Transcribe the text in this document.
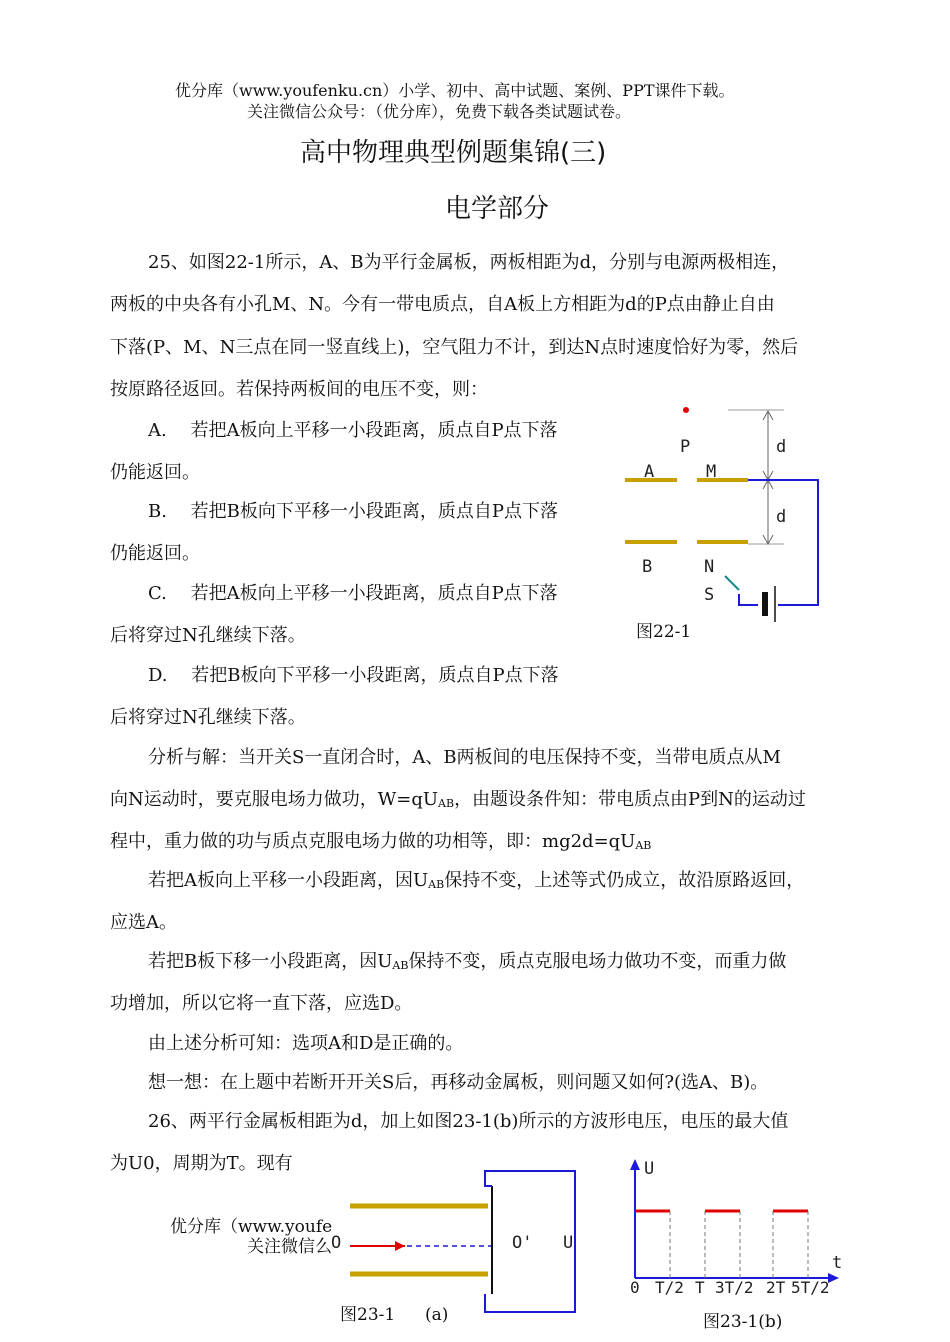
优分库（www.youfenku.cn）小学、初中、高中试题、案例、PPT课件下载。
关注微信公众号：（优分库），免费下载各类试题试卷。
高中物理典型例题集锦(三)
电学部分
25、如图22-1所示，A、B为平行金属板，两板相距为d，分别与电源两极相连，
两板的中央各有小孔M、N。今有一带电质点，自A板上方相距为d的P点由静止自由
下落(P、M、N三点在同一竖直线上)，空气阻力不计，到达N点时速度恰好为零，然后
按原路径返回。若保持两板间的电压不变，则：
A.　 若把A板向上平移一小段距离，质点自P点下落
仍能返回。
B.　 若把B板向下平移一小段距离，质点自P点下落
仍能返回。
C.　 若把A板向上平移一小段距离，质点自P点下落
后将穿过N孔继续下落。
D.　 若把B板向下平移一小段距离，质点自P点下落
后将穿过N孔继续下落。
分析与解：当开关S一直闭合时，A、B两板间的电压保持不变，当带电质点从M
向N运动时，要克服电场力做功，W=qUAB，由题设条件知：带电质点由P到N的运动过
程中，重力做的功与质点克服电场力做的功相等，即：mg2d=qUAB
若把A板向上平移一小段距离，因UAB保持不变，上述等式仍成立，故沿原路返回，
应选A。
若把B板下移一小段距离，因UAB保持不变，质点克服电场力做功不变，而重力做
功增加，所以它将一直下落，应选D。
由上述分析可知：选项A和D是正确的。
想一想：在上题中若断开开关S后，再移动金属板，则问题又如何?(选A、B)。
26、两平行金属板相距为d，加上如图23-1(b)所示的方波形电压，电压的最大值
为U0，周期为T。现有
P
A	M
d
d
B	N
S
图22-1
优分库（www.youfe
关注微信么 O	O' U
图23-1 (a)
U
t
0 T/2 T 3T/2 2T 5T/2
图23-1(b)
